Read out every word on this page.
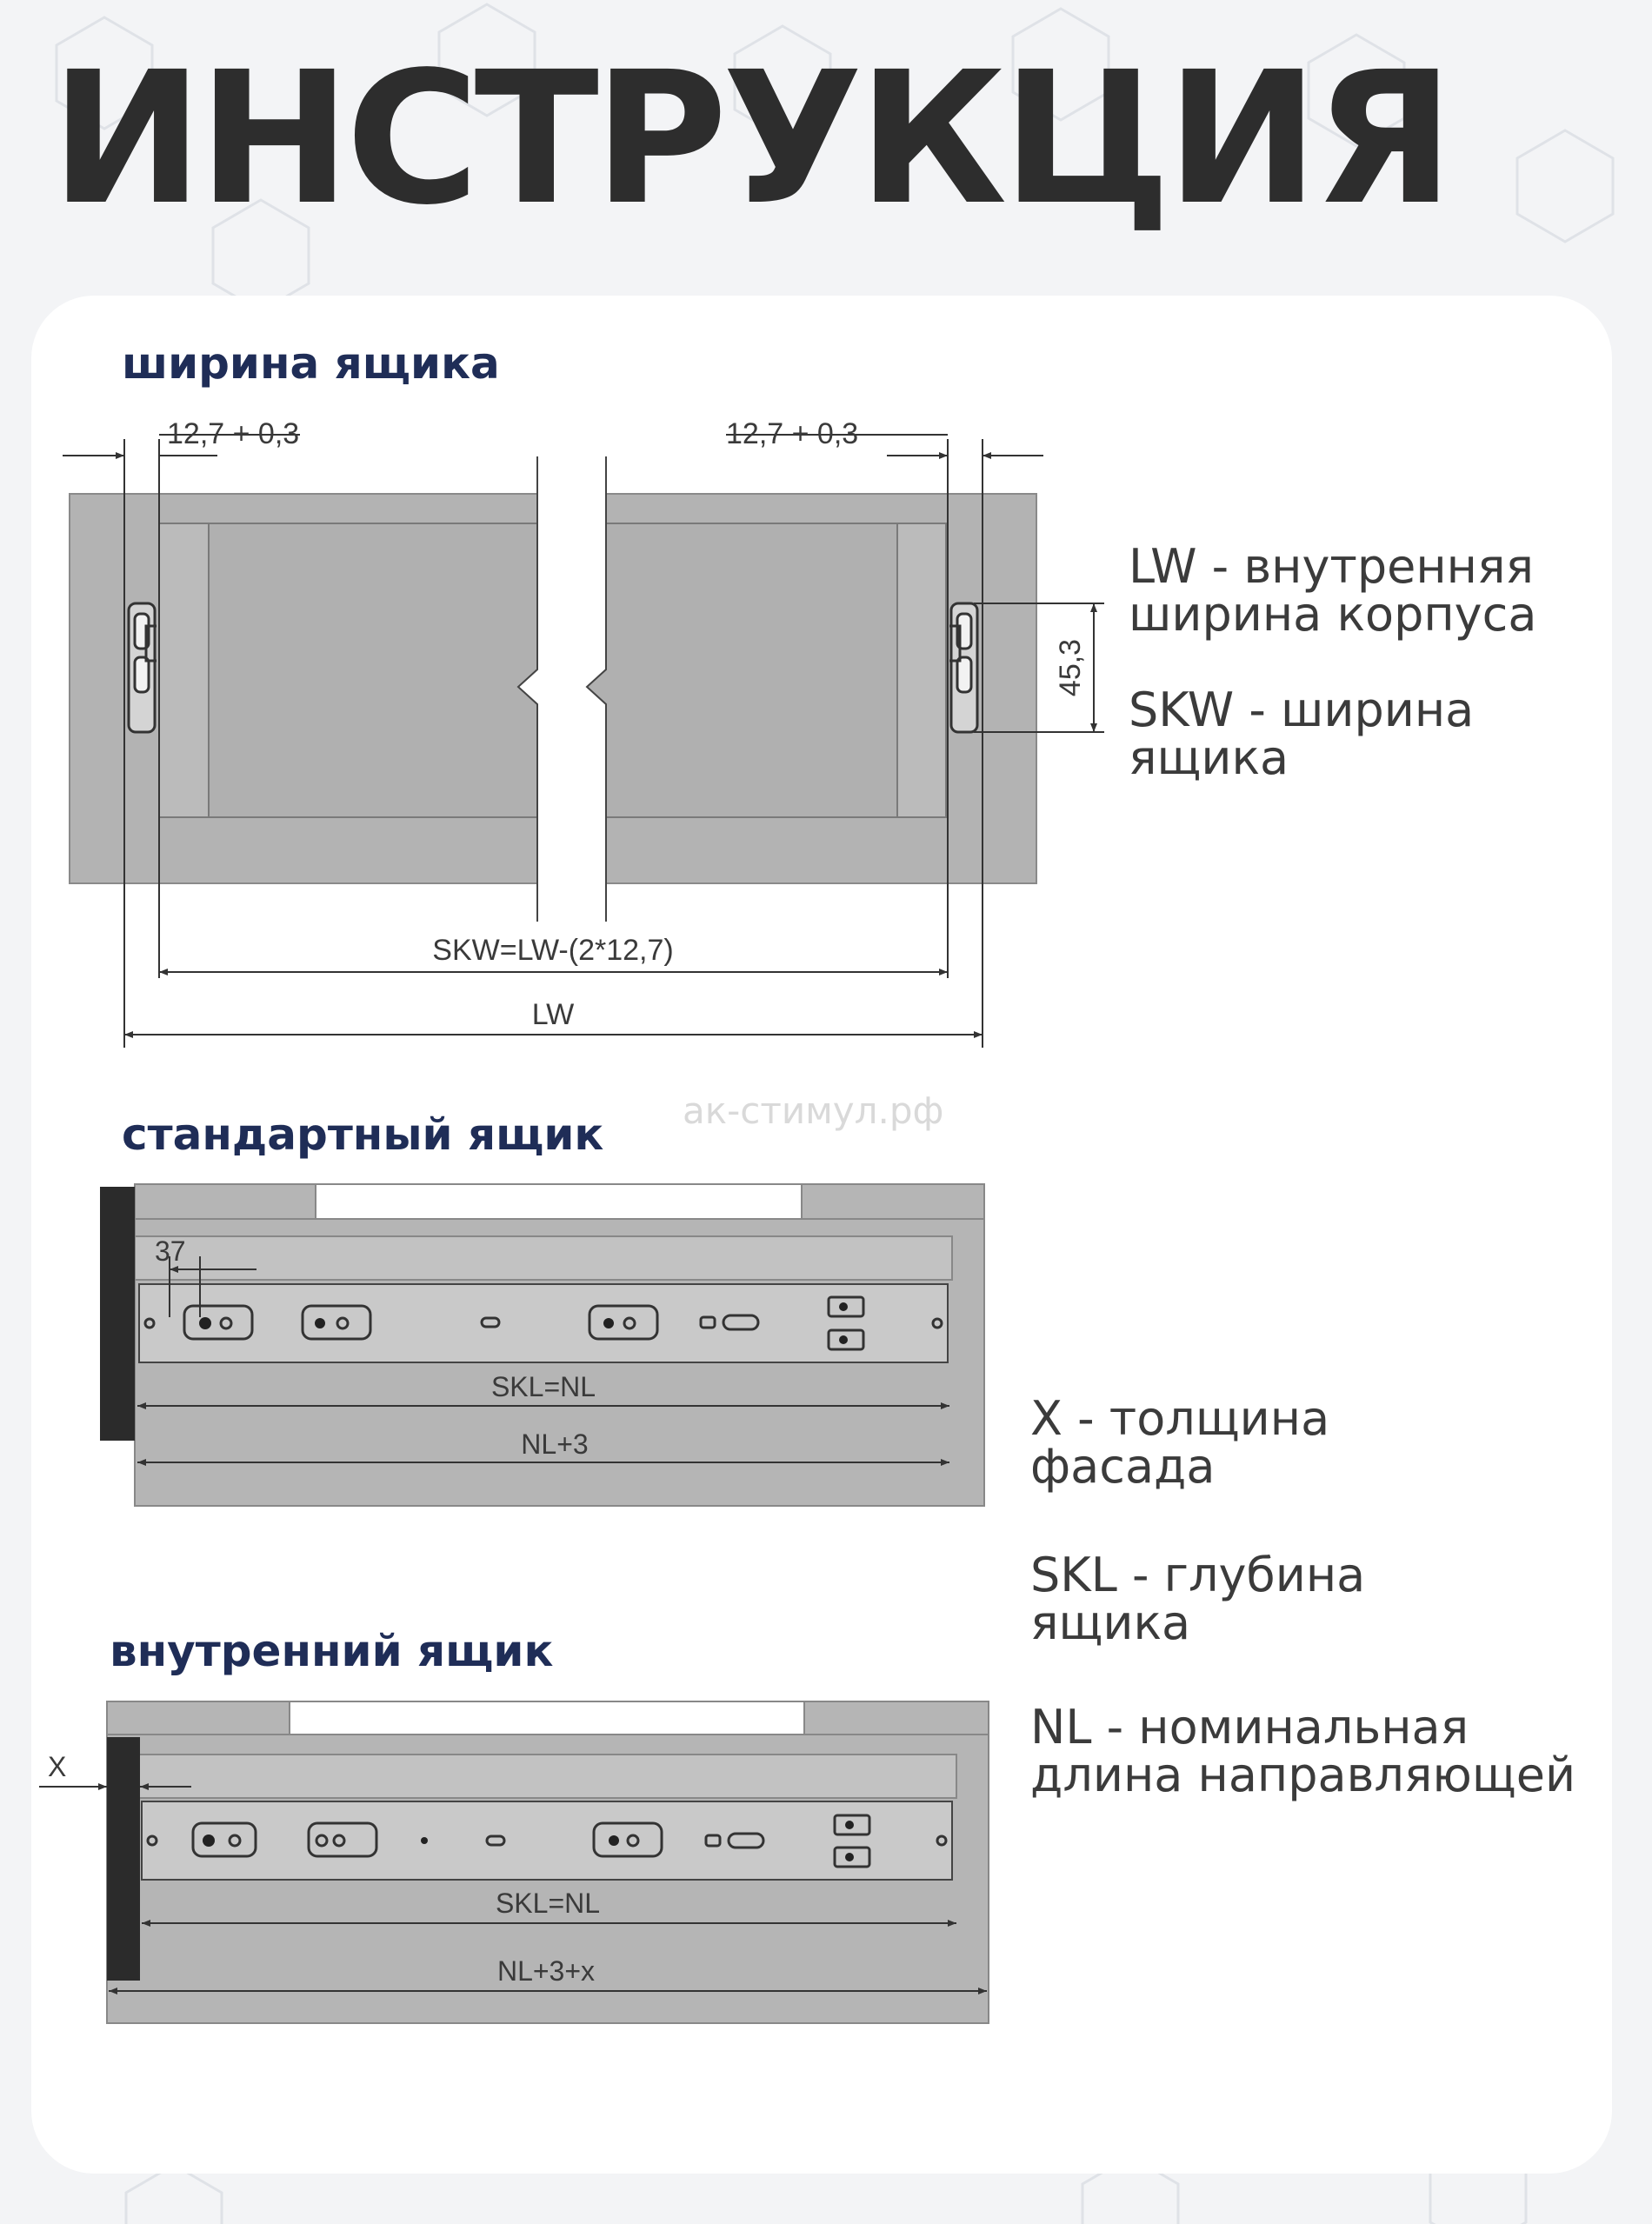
ИНСТРУКЦИЯ
ширина ящика
12,7 + 0,3	12,7 + 0,3
45,3
SKW=LW-(2*12,7)
LW
LW - внутренняя
ширина корпуса
SKW - ширина
ящика
ак-стимул.рф
стандартный ящик
37
SKL=NL
NL+3
внутренний ящик
X
SKL=NL
NL+3+x
X - толщина
фасада
SKL - глубина
ящика
NL - номинальная
длина направляющей
